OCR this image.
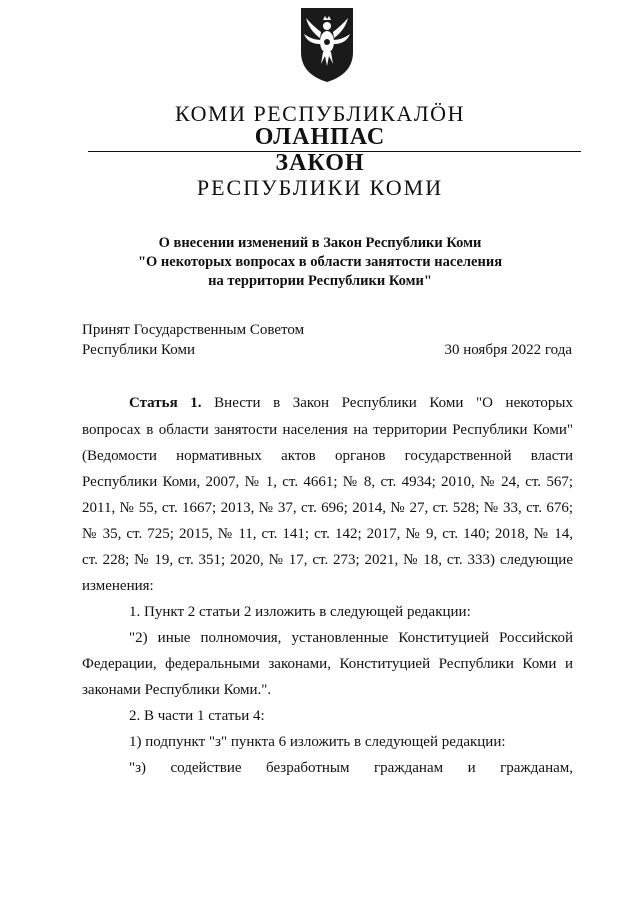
КОМИ РЕСПУБЛИКАЛÖН
ОЛАНПАС
ЗАКОН
РЕСПУБЛИКИ КОМИ
О внесении изменений в Закон Республики Коми
"О некоторых вопросах в области занятости населения
на территории Республики Коми"
Принят Государственным Советом
Республики Коми	30 ноября 2022 года
Статья 1. Внести в Закон Республики Коми "О некоторых
вопросах в области занятости населения на территории Республики Коми"
(Ведомости нормативных актов органов государственной власти
Республики Коми, 2007, № 1, ст. 4661; № 8, ст. 4934; 2010, № 24, ст. 567;
2011, № 55, ст. 1667; 2013, № 37, ст. 696; 2014, № 27, ст. 528; № 33, ст. 676;
№ 35, ст. 725; 2015, № 11, ст. 141; ст. 142; 2017, № 9, ст. 140; 2018, № 14,
ст. 228; № 19, ст. 351; 2020, № 17, ст. 273; 2021, № 18, ст. 333) следующие
изменения:
1. Пункт 2 статьи 2 изложить в следующей редакции:
"2) иные полномочия, установленные Конституцией Российской
Федерации, федеральными законами, Конституцией Республики Коми и
законами Республики Коми.".
2. В части 1 статьи 4:
1) подпункт "з" пункта 6 изложить в следующей редакции:
"з) содействие безработным гражданам и гражданам,
